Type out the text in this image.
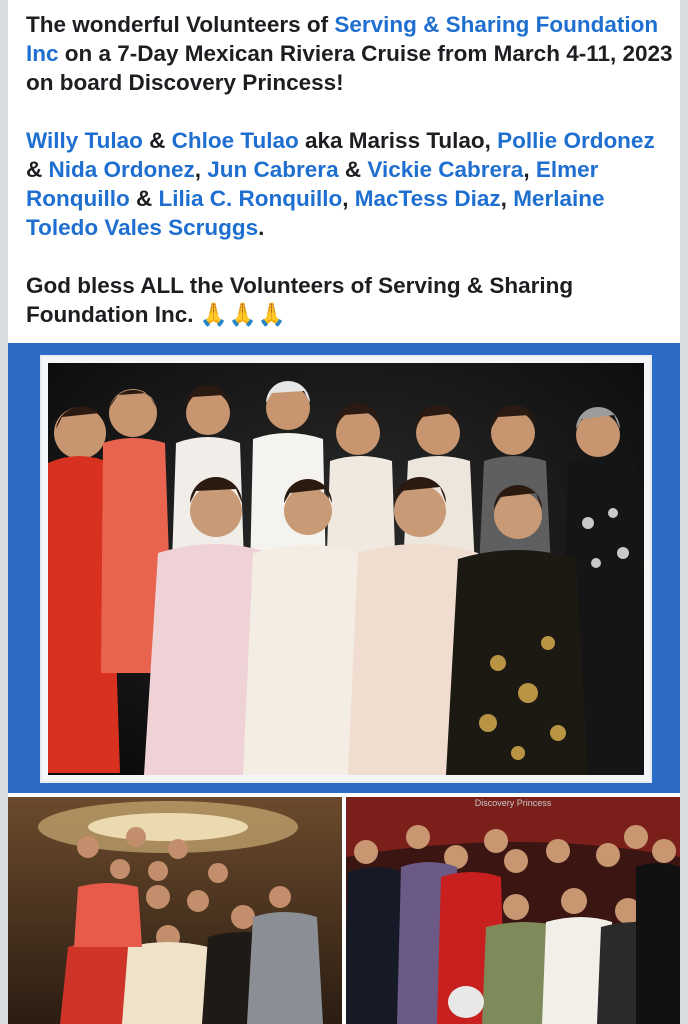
The wonderful Volunteers of Serving & Sharing Foundation Inc on a 7-Day Mexican Riviera Cruise from March 4-11, 2023 on board Discovery Princess!

Willy Tulao & Chloe Tulao aka Mariss Tulao, Pollie Ordonez & Nida Ordonez, Jun Cabrera & Vickie Cabrera, Elmer Ronquillo & Lilia C. Ronquillo, MacTess Diaz, Merlaine Toledo Vales Scruggs.

God bless ALL the Volunteers of Serving & Sharing Foundation Inc. 🙏🙏🙏

Discovery Princess
